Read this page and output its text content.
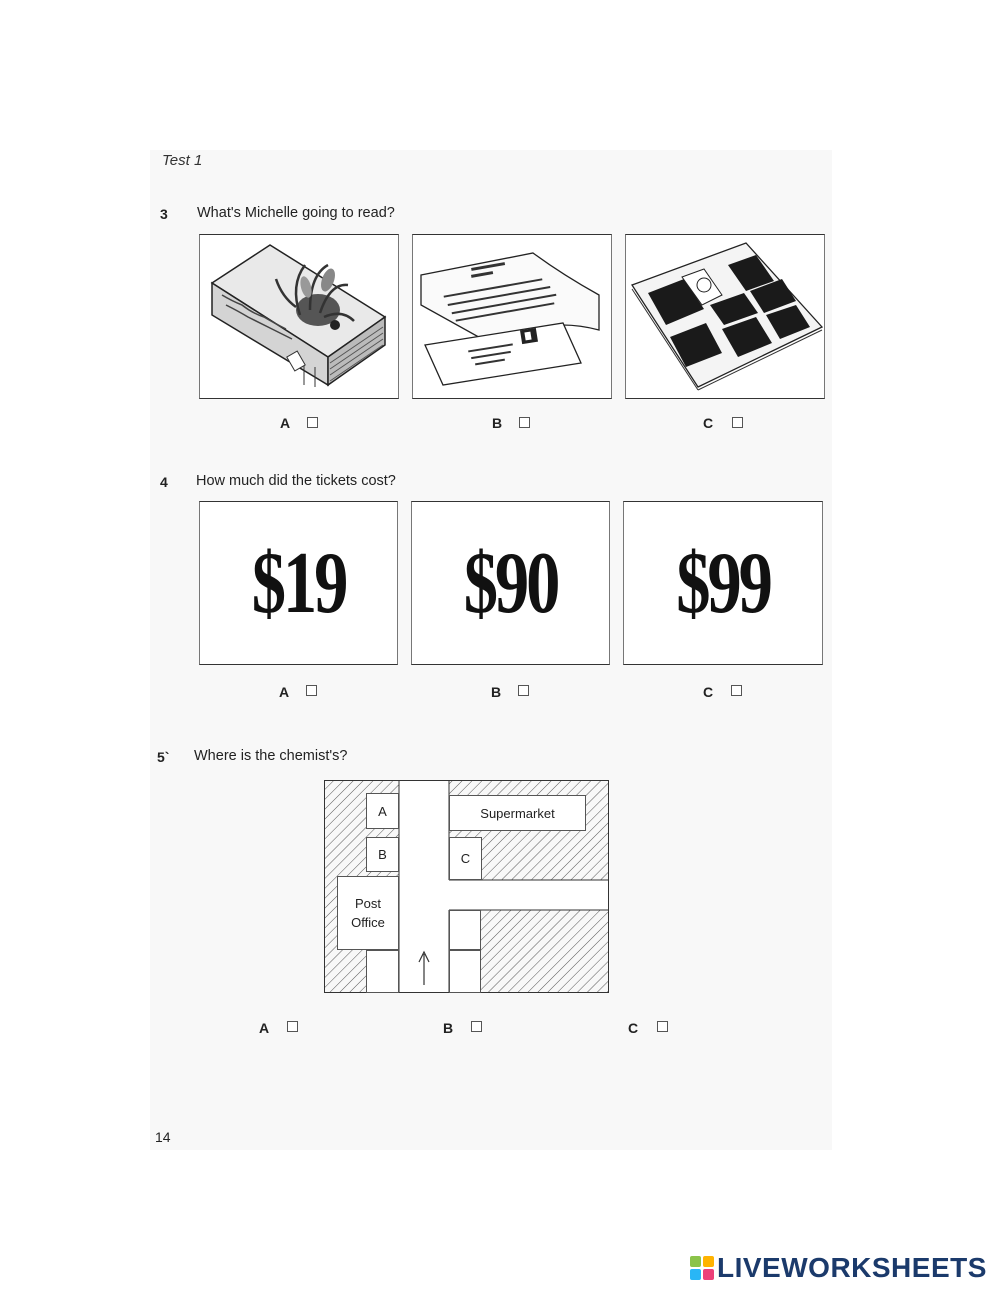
Test 1
3 What's Michelle going to read?
A	B	C
4 How much did the tickets cost?
$19	$90	$99
A	B	C
5` Where is the chemist's?
A
B
Supermarket
C
Post
Office
A	B	C
14
LIVEWORKSHEETS
